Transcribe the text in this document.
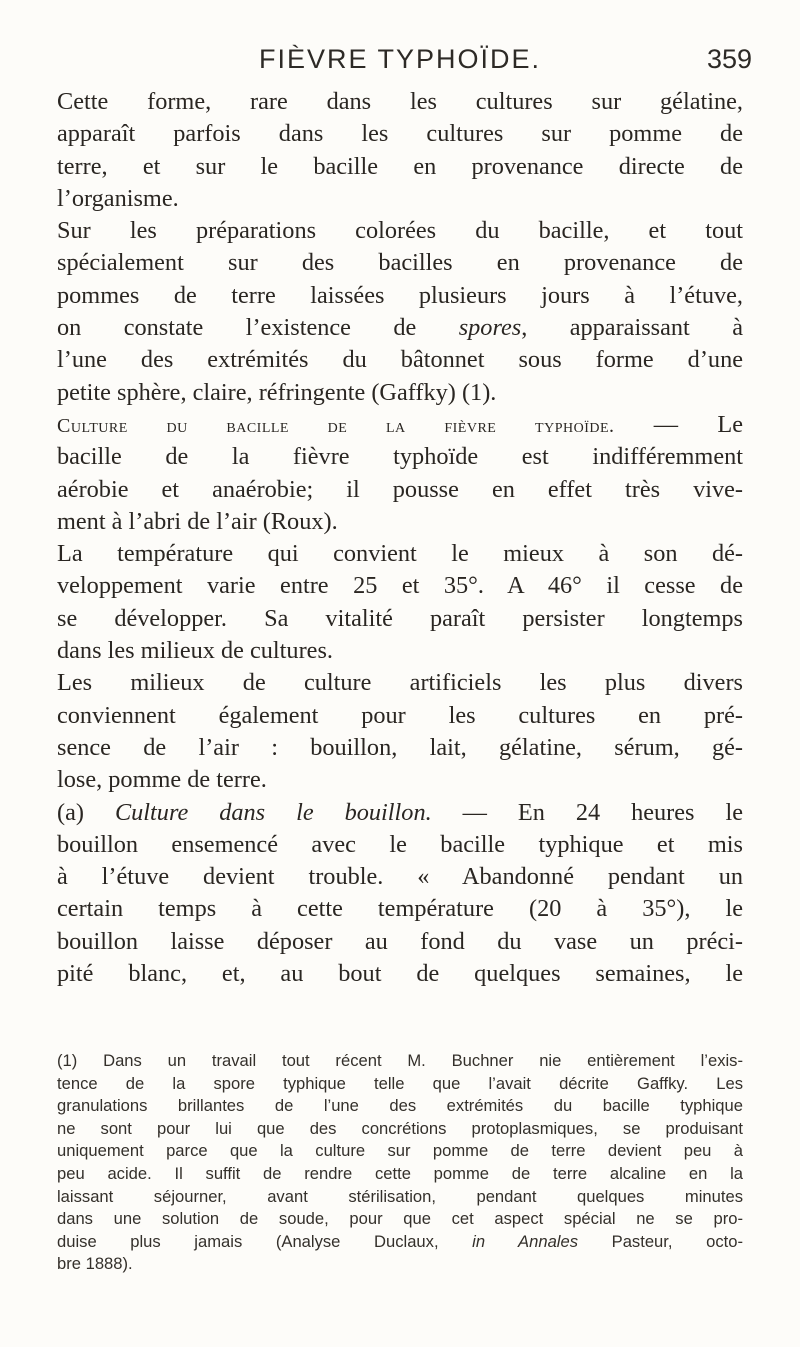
FIÈVRE TYPHOÏDE.	359
Cette forme, rare dans les cultures sur gélatine,
apparaît parfois dans les cultures sur pomme de
terre, et sur le bacille en provenance directe de
l’organisme.
Sur les préparations colorées du bacille, et tout
spécialement sur des bacilles en provenance de
pommes de terre laissées plusieurs jours à l’étuve,
on constate l’existence de spores, apparaissant à
l’une des extrémités du bâtonnet sous forme d’une
petite sphère, claire, réfringente (Gaffky) (1).
Culture du bacille de la fièvre typhoïde. — Le
bacille de la fièvre typhoïde est indifféremment
aérobie et anaérobie; il pousse en effet très vive-
ment à l’abri de l’air (Roux).
La température qui convient le mieux à son dé-
veloppement varie entre 25 et 35°. A 46° il cesse de
se développer. Sa vitalité paraît persister longtemps
dans les milieux de cultures.
Les milieux de culture artificiels les plus divers
conviennent également pour les cultures en pré-
sence de l’air : bouillon, lait, gélatine, sérum, gé-
lose, pomme de terre.
(a) Culture dans le bouillon. — En 24 heures le
bouillon ensemencé avec le bacille typhique et mis
à l’étuve devient trouble. « Abandonné pendant un
certain temps à cette température (20 à 35°), le
bouillon laisse déposer au fond du vase un préci-
pité blanc, et, au bout de quelques semaines, le
(1) Dans un travail tout récent M. Buchner nie entièrement l’exis-
tence de la spore typhique telle que l’avait décrite Gaffky. Les
granulations brillantes de l’une des extrémités du bacille typhique
ne sont pour lui que des concrétions protoplasmiques, se produisant
uniquement parce que la culture sur pomme de terre devient peu à
peu acide. Il suffit de rendre cette pomme de terre alcaline en la
laissant séjourner, avant stérilisation, pendant quelques minutes
dans une solution de soude, pour que cet aspect spécial ne se pro-
duise plus jamais (Analyse Duclaux, in Annales Pasteur, octo-
bre 1888).
